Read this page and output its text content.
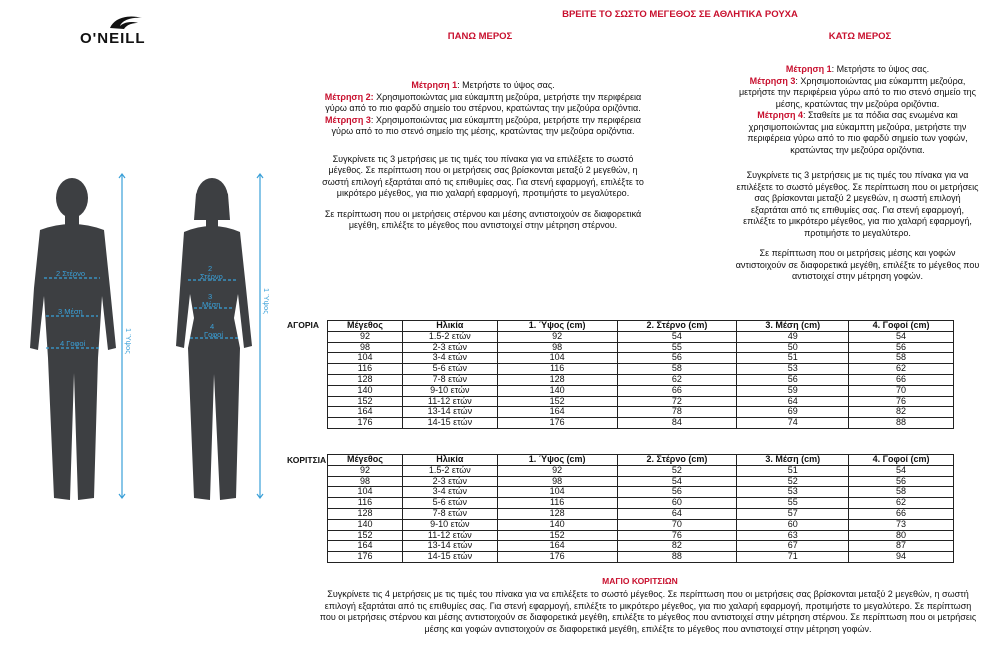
O'NEILL
ΒΡΕΙΤΕ ΤΟ ΣΩΣΤΟ ΜΕΓΕΘΟΣ ΣΕ ΑΘΛΗΤΙΚΑ ΡΟΥΧΑ
ΠΑΝΩ ΜΕΡΟΣ	ΚΑΤΩ ΜΕΡΟΣ

Μέτρηση 1: Μετρήστε το ύψος σας.
Μέτρηση 2: Χρησιμοποιώντας μια εύκαμπτη μεζούρα, μετρήστε την περιφέρεια γύρω από το πιο φαρδύ σημείο του στέρνου, κρατώντας την μεζούρα οριζόντια.
Μέτρηση 3: Χρησιμοποιώντας μια εύκαμπτη μεζούρα, μετρήστε την περιφέρεια γύρω από το πιο στενό σημείο της μέσης, κρατώντας την μεζούρα οριζόντια.

Συγκρίνετε τις 3 μετρήσεις με τις τιμές του πίνακα για να επιλέξετε το σωστό μέγεθος. Σε περίπτωση που οι μετρήσεις σας βρίσκονται μεταξύ 2 μεγεθών, η σωστή επιλογή εξαρτάται από τις επιθυμίες σας. Για στενή εφαρμογή, επιλέξτε το μικρότερο μέγεθος, για πιο χαλαρή εφαρμογή, προτιμήστε το μεγαλύτερο.

Σε περίπτωση που οι μετρήσεις στέρνου και μέσης αντιστοιχούν σε διαφορετικά μεγέθη, επιλέξτε το μέγεθος που αντιστοιχεί στην μέτρηση στέρνου.

Μέτρηση 1: Μετρήστε το ύψος σας.
Μέτρηση 3: Χρησιμοποιώντας μια εύκαμπτη μεζούρα, μετρήστε την περιφέρεια γύρω από το πιο στενό σημείο της μέσης, κρατώντας την μεζούρα οριζόντια.
Μέτρηση 4: Σταθείτε με τα πόδια σας ενωμένα και χρησιμοποιώντας μια εύκαμπτη μεζούρα, μετρήστε την περιφέρεια γύρω από το πιο φαρδύ σημείο των γοφών, κρατώντας την μεζούρα οριζόντια.

Συγκρίνετε τις 3 μετρήσεις με τις τιμές του πίνακα για να επιλέξετε το σωστό μέγεθος. Σε περίπτωση που οι μετρήσεις σας βρίσκονται μεταξύ 2 μεγεθών, η σωστή επιλογή εξαρτάται από τις επιθυμίες σας. Για στενή εφαρμογή, επιλέξτε το μικρότερο μέγεθος, για πιο χαλαρή εφαρμογή, προτιμήστε το μεγαλύτερο.

Σε περίπτωση που οι μετρήσεις μέσης και γοφών αντιστοιχούν σε διαφορετικά μεγέθη, επιλέξτε το μέγεθος που αντιστοιχεί στην μέτρηση γοφών.

2 Στέρνο
3 Μέση
4 Γοφοί	1 Ύψος
2
Στέρνο
3
Μέση
4
Γοφοί
1 Ύψος
ΑΓΟΡΙΑ	Μέγεθος	Ηλικία	1. Ύψος (cm)	2. Στέρνο (cm)	3. Μέση (cm)	4. Γοφοί (cm)
92	1.5-2 ετών	92	54	49	54
98	2-3 ετών	98	55	50	56
104	3-4 ετών	104	56	51	58
116	5-6 ετών	116	58	53	62
128	7-8 ετών	128	62	56	66
140	9-10 ετών	140	66	59	70
152	11-12 ετών	152	72	64	76
164	13-14 ετών	164	78	69	82
176	14-15 ετών	176	84	74	88
ΚΟΡΙΤΣΙΑ Μέγεθος	Ηλικία	1. Ύψος (cm)	2. Στέρνο (cm)	3. Μέση (cm)	4. Γοφοί (cm)
92	1.5-2 ετών	92	52	51	54
98	2-3 ετών	98	54	52	56
104	3-4 ετών	104	56	53	58
116	5-6 ετών	116	60	55	62
128	7-8 ετών	128	64	57	66
140	9-10 ετών	140	70	60	73
152	11-12 ετών	152	76	63	80
164	13-14 ετών	164	82	67	87
176	14-15 ετών	176	88	71	94
ΜΑΓΙΟ ΚΟΡΙΤΣΙΩΝ
Συγκρίνετε τις 4 μετρήσεις με τις τιμές του πίνακα για να επιλέξετε το σωστό μέγεθος. Σε περίπτωση που οι μετρήσεις σας βρίσκονται μεταξύ 2 μεγεθών, η σωστή επιλογή εξαρτάται από τις επιθυμίες σας. Για στενή εφαρμογή, επιλέξτε το μικρότερο μέγεθος, για πιο χαλαρή εφαρμογή, προτιμήστε το μεγαλύτερο. Σε περίπτωση που οι μετρήσεις στέρνου και μέσης αντιστοιχούν σε διαφορετικά μεγέθη, επιλέξτε το μέγεθος που αντιστοιχεί στην μέτρηση στέρνου. Σε περίπτωση που οι μετρήσεις μέσης και γοφών αντιστοιχούν σε διαφορετικά μεγέθη, επιλέξτε το μέγεθος που αντιστοιχεί στην μέτρηση γοφών.
